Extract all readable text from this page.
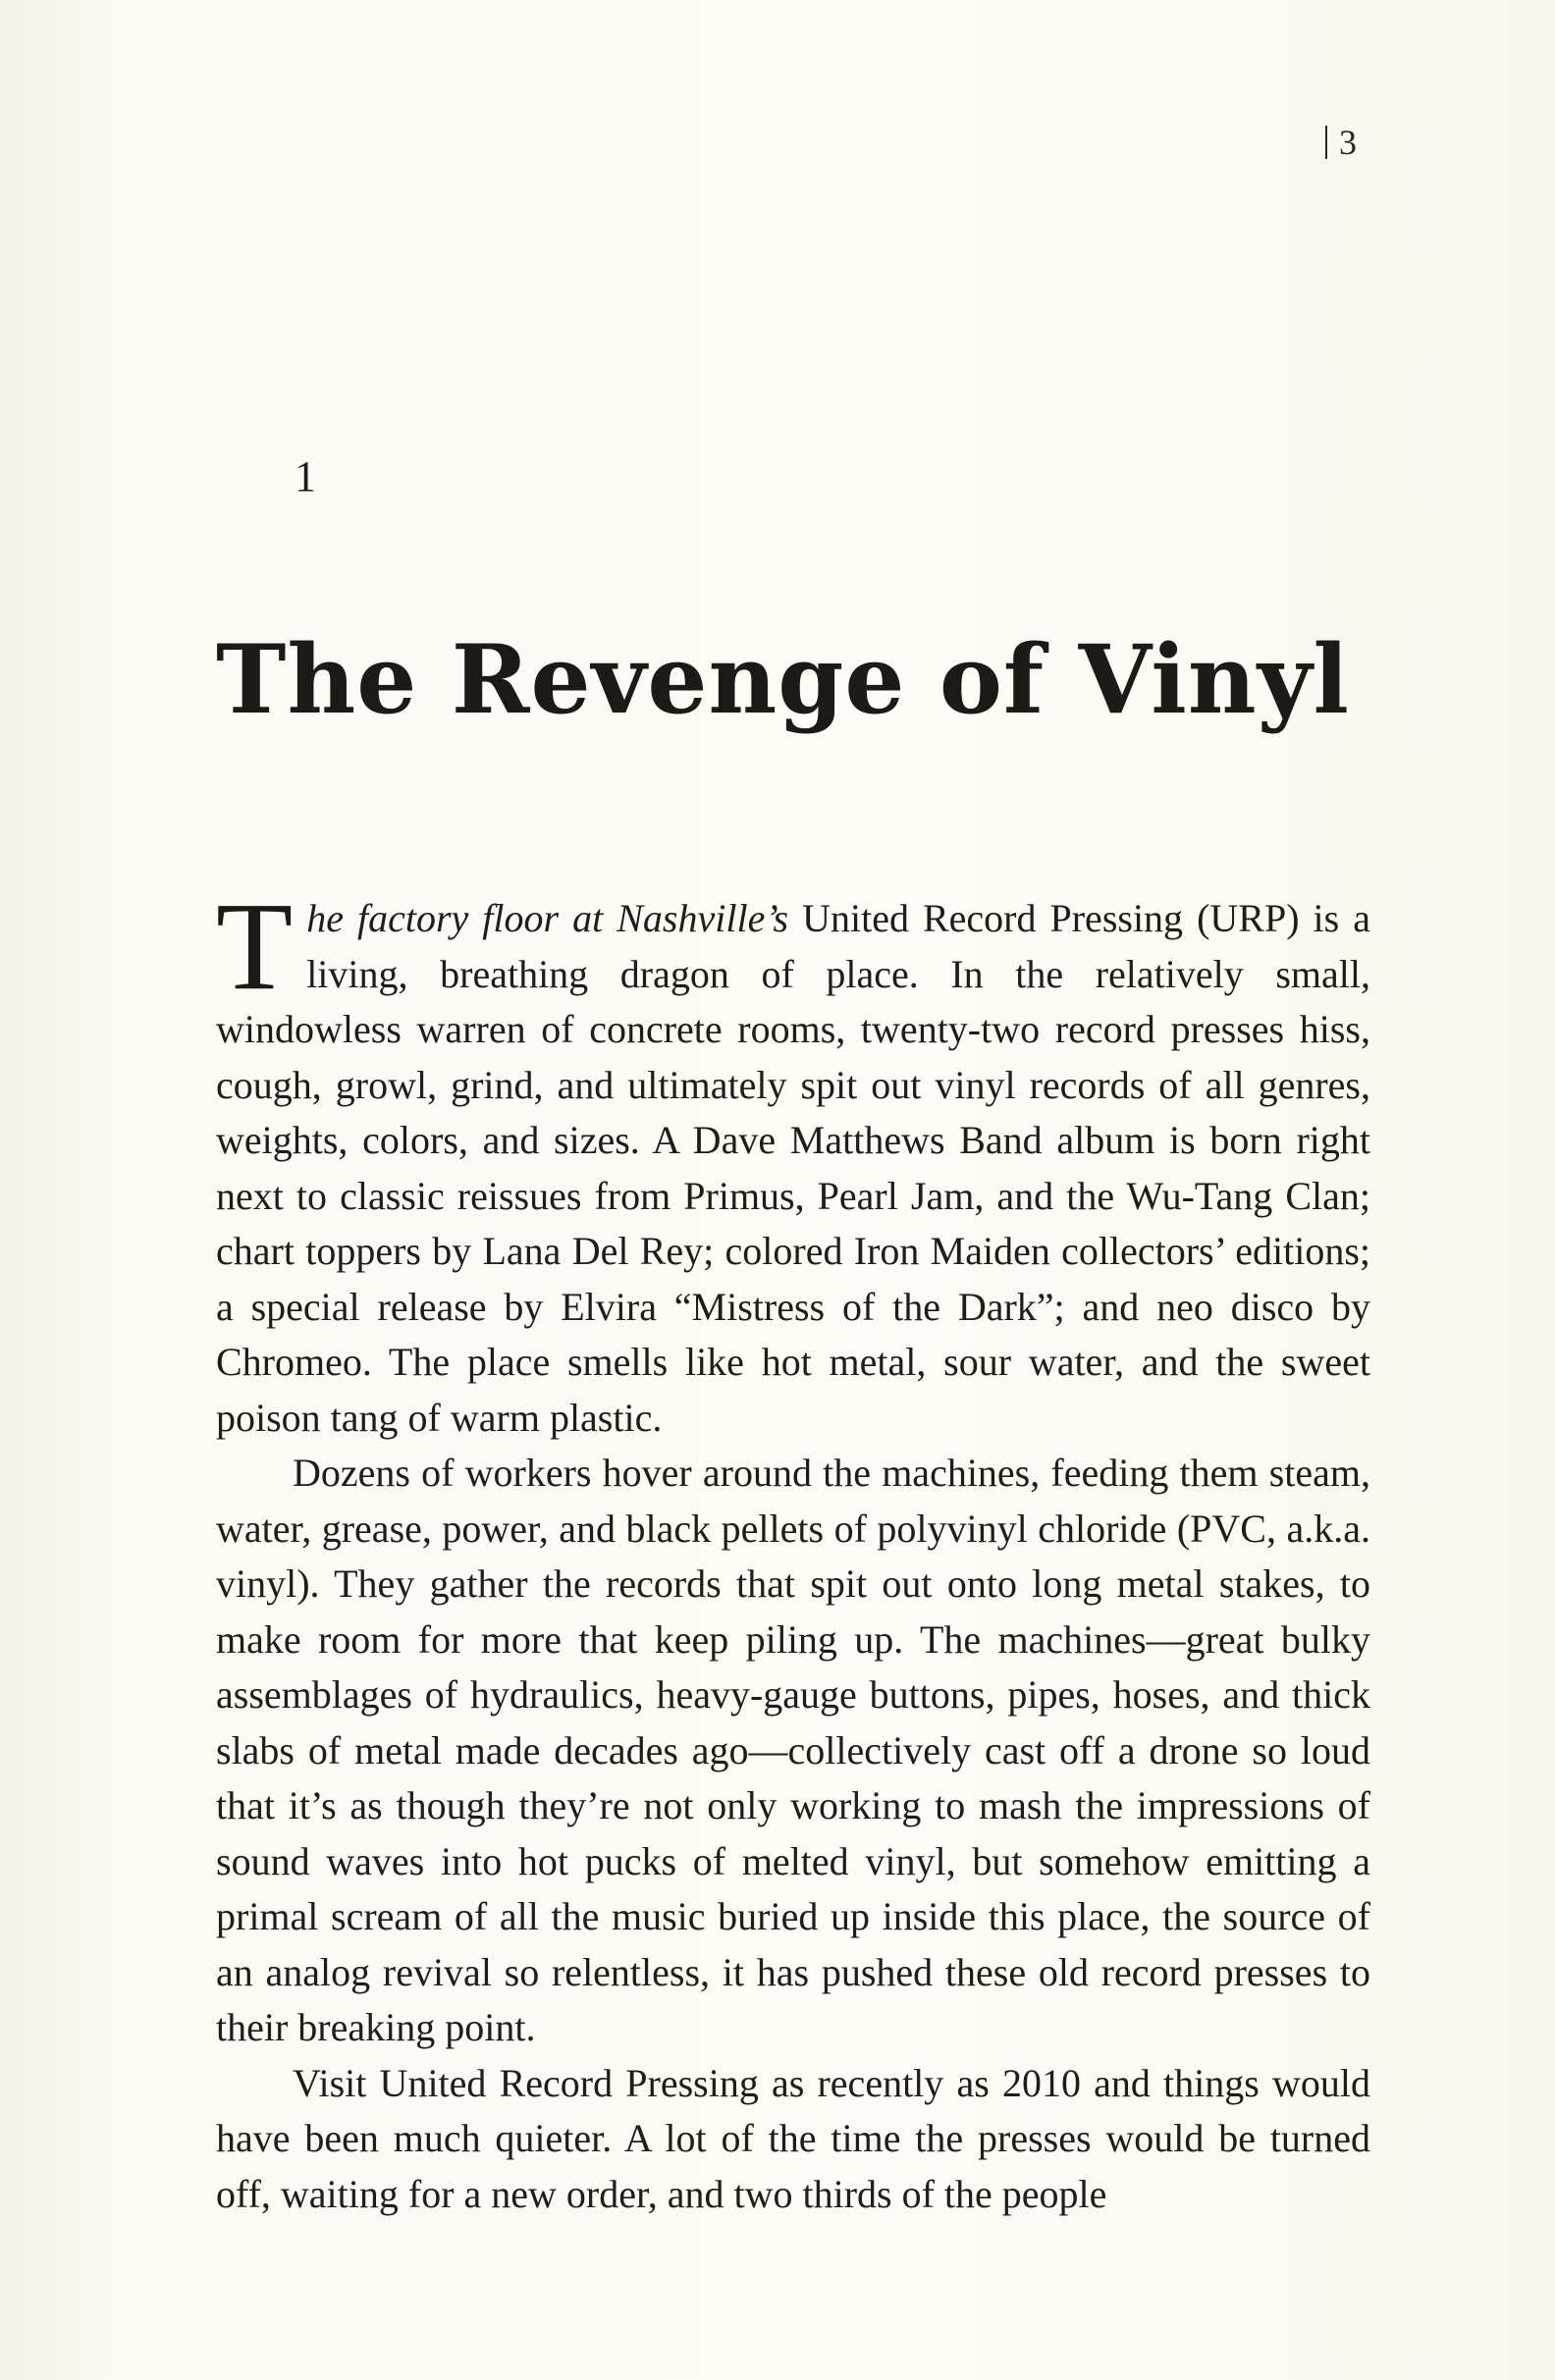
3
1
The Revenge of Vinyl

The factory floor at Nashville’s United Record Pressing (URP) is a living, breathing dragon of place. In the relatively small, windowless warren of concrete rooms, twenty-two record presses hiss, cough, growl, grind, and ultimately spit out vinyl records of all genres, weights, colors, and sizes. A Dave Matthews Band album is born right next to classic reissues from Primus, Pearl Jam, and the Wu-Tang Clan; chart toppers by Lana Del Rey; colored Iron Maiden collectors’ editions; a special release by Elvira “Mistress of the Dark”; and neo disco by Chromeo. The place smells like hot metal, sour water, and the sweet poison tang of warm plastic.

Dozens of workers hover around the machines, feeding them steam, water, grease, power, and black pellets of polyvinyl chloride (PVC, a.k.a. vinyl). They gather the records that spit out onto long metal stakes, to make room for more that keep piling up. The machines—great bulky assemblages of hydraulics, heavy-gauge buttons, pipes, hoses, and thick slabs of metal made decades ago—collectively cast off a drone so loud that it’s as though they’re not only working to mash the impressions of sound waves into hot pucks of melted vinyl, but somehow emitting a primal scream of all the music buried up inside this place, the source of an analog revival so relentless, it has pushed these old record presses to their breaking point.

Visit United Record Pressing as recently as 2010 and things would have been much quieter. A lot of the time the presses would be turned off, waiting for a new order, and two thirds of the people
